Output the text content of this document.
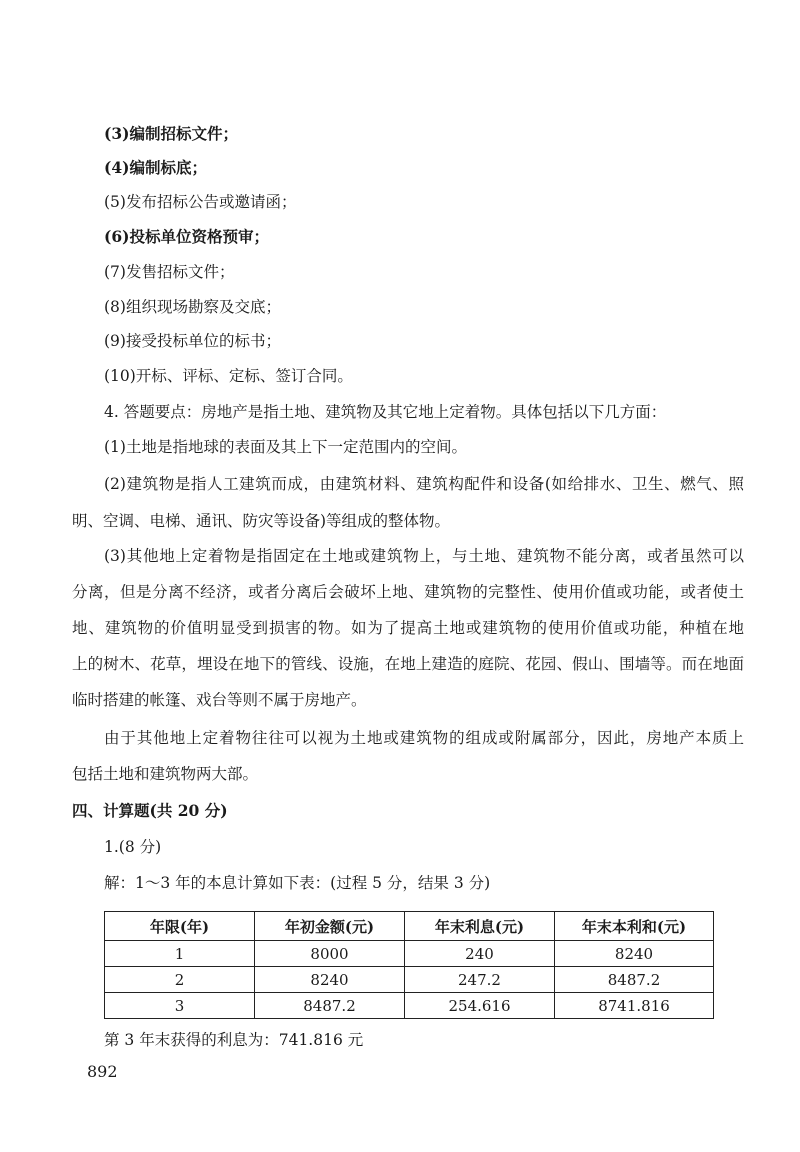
(3)编制招标文件；

(4)编制标底；

(5)发布招标公告或邀请函；

(6)投标单位资格预审；

(7)发售招标文件；

(8)组织现场勘察及交底；

(9)接受投标单位的标书；

(10)开标、评标、定标、签订合同。

4. 答题要点：房地产是指土地、建筑物及其它地上定着物。具体包括以下几方面：

(1)土地是指地球的表面及其上下一定范围内的空间。

(2)建筑物是指人工建筑而成，由建筑材料、建筑构配件和设备(如给排水、卫生、燃气、照

明、空调、电梯、通讯、防灾等设备)等组成的整体物。

(3)其他地上定着物是指固定在土地或建筑物上，与土地、建筑物不能分离，或者虽然可以

分离，但是分离不经济，或者分离后会破坏上地、建筑物的完整性、使用价值或功能，或者使土

地、建筑物的价值明显受到损害的物。如为了提高土地或建筑物的使用价值或功能，种植在地

上的树木、花草，埋设在地下的管线、设施，在地上建造的庭院、花园、假山、围墙等。而在地面

临时搭建的帐篷、戏台等则不属于房地产。

由于其他地上定着物往往可以视为土地或建筑物的组成或附属部分，因此，房地产本质上

包括土地和建筑物两大部。

四、计算题(共 20 分)

1.(8 分)

解：1～3 年的本息计算如下表：(过程 5 分，结果 3 分)

年限(年)	年初金额(元)	年末利息(元)	年末本利和(元)
1	8000	240	8240
2	8240	247.2	8487.2
3	8487.2	254.616	8741.816

第 3 年末获得的利息为：741.816 元

892
